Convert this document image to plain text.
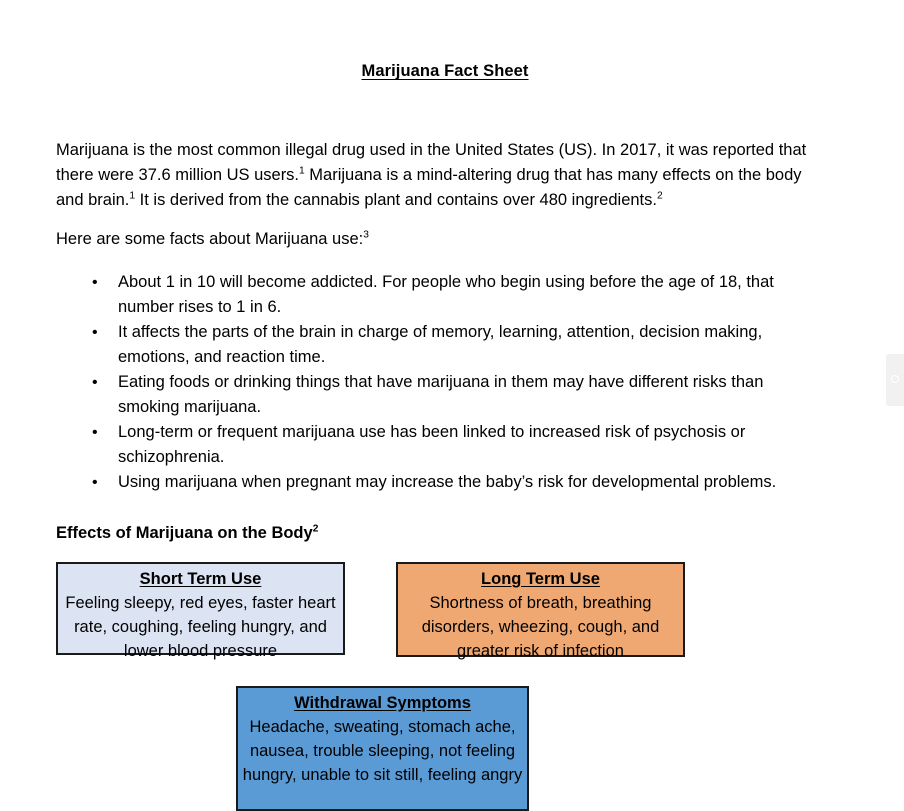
Marijuana Fact Sheet
Marijuana is the most common illegal drug used in the United States (US). In 2017, it was reported that there were 37.6 million US users.$^1$ Marijuana is a mind-altering drug that has many effects on the body and brain.$^1$ It is derived from the cannabis plant and contains over 480 ingredients.$^2$
Here are some facts about Marijuana use:$^3$
• About 1 in 10 will become addicted. For people who begin using before the age of 18, that number rises to 1 in 6.
• It affects the parts of the brain in charge of memory, learning, attention, decision making, emotions, and reaction time.
• Eating foods or drinking things that have marijuana in them may have different risks than smoking marijuana.
• Long-term or frequent marijuana use has been linked to increased risk of psychosis or schizophrenia.
• Using marijuana when pregnant may increase the baby’s risk for developmental problems.
Effects of Marijuana on the Body$^2$
Short Term Use
Feeling sleepy, red eyes, faster heart rate, coughing, feeling hungry, and lower blood pressure
Long Term Use
Shortness of breath, breathing disorders, wheezing, cough, and greater risk of infection
Withdrawal Symptoms
Headache, sweating, stomach ache, nausea, trouble sleeping, not feeling hungry, unable to sit still, feeling angry
